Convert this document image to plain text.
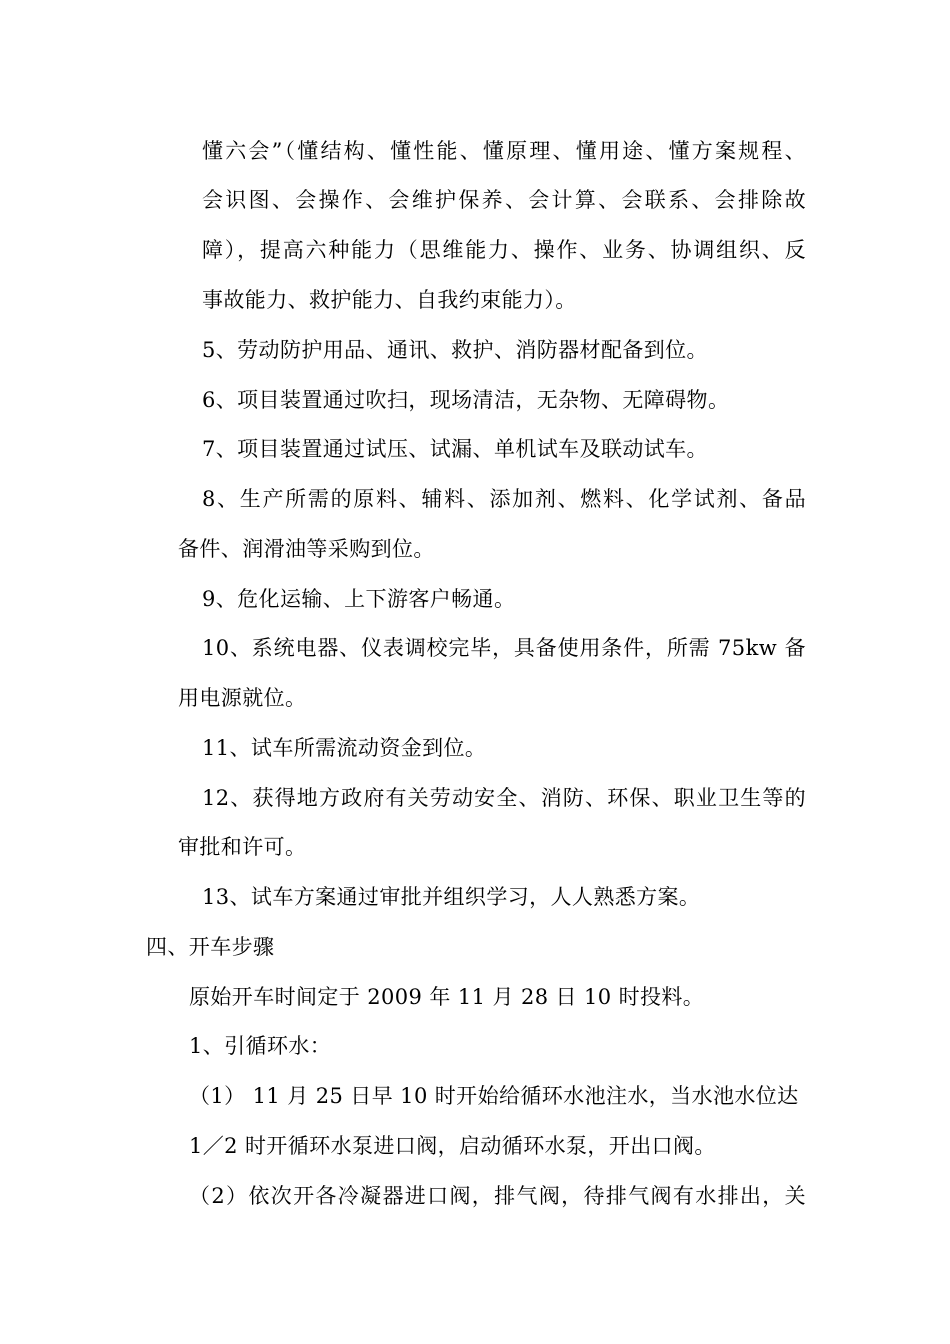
懂六会”（懂结构、懂性能、懂原理、懂用途、懂方案规程、
会识图、会操作、会维护保养、会计算、会联系、会排除故
障），提高六种能力（思维能力、操作、业务、协调组织、反
事故能力、救护能力、自我约束能力）。
5、劳动防护用品、通讯、救护、消防器材配备到位。
6、项目装置通过吹扫，现场清洁，无杂物、无障碍物。
7、项目装置通过试压、试漏、单机试车及联动试车。
8、生产所需的原料、辅料、添加剂、燃料、化学试剂、备品
备件、润滑油等采购到位。
9、危化运输、上下游客户畅通。
10、系统电器、仪表调校完毕，具备使用条件，所需 75kw 备
用电源就位。
11、试车所需流动资金到位。
12、获得地方政府有关劳动安全、消防、环保、职业卫生等的
审批和许可。
13、试车方案通过审批并组织学习，人人熟悉方案。
四、开车步骤
原始开车时间定于 2009 年 11 月 28 日 10 时投料。
1、引循环水：
（1） 11 月 25 日早 10 时开始给循环水池注水，当水池水位达
1／2 时开循环水泵进口阀，启动循环水泵，开出口阀。
（2）依次开各冷凝器进口阀，排气阀，待排气阀有水排出，关
